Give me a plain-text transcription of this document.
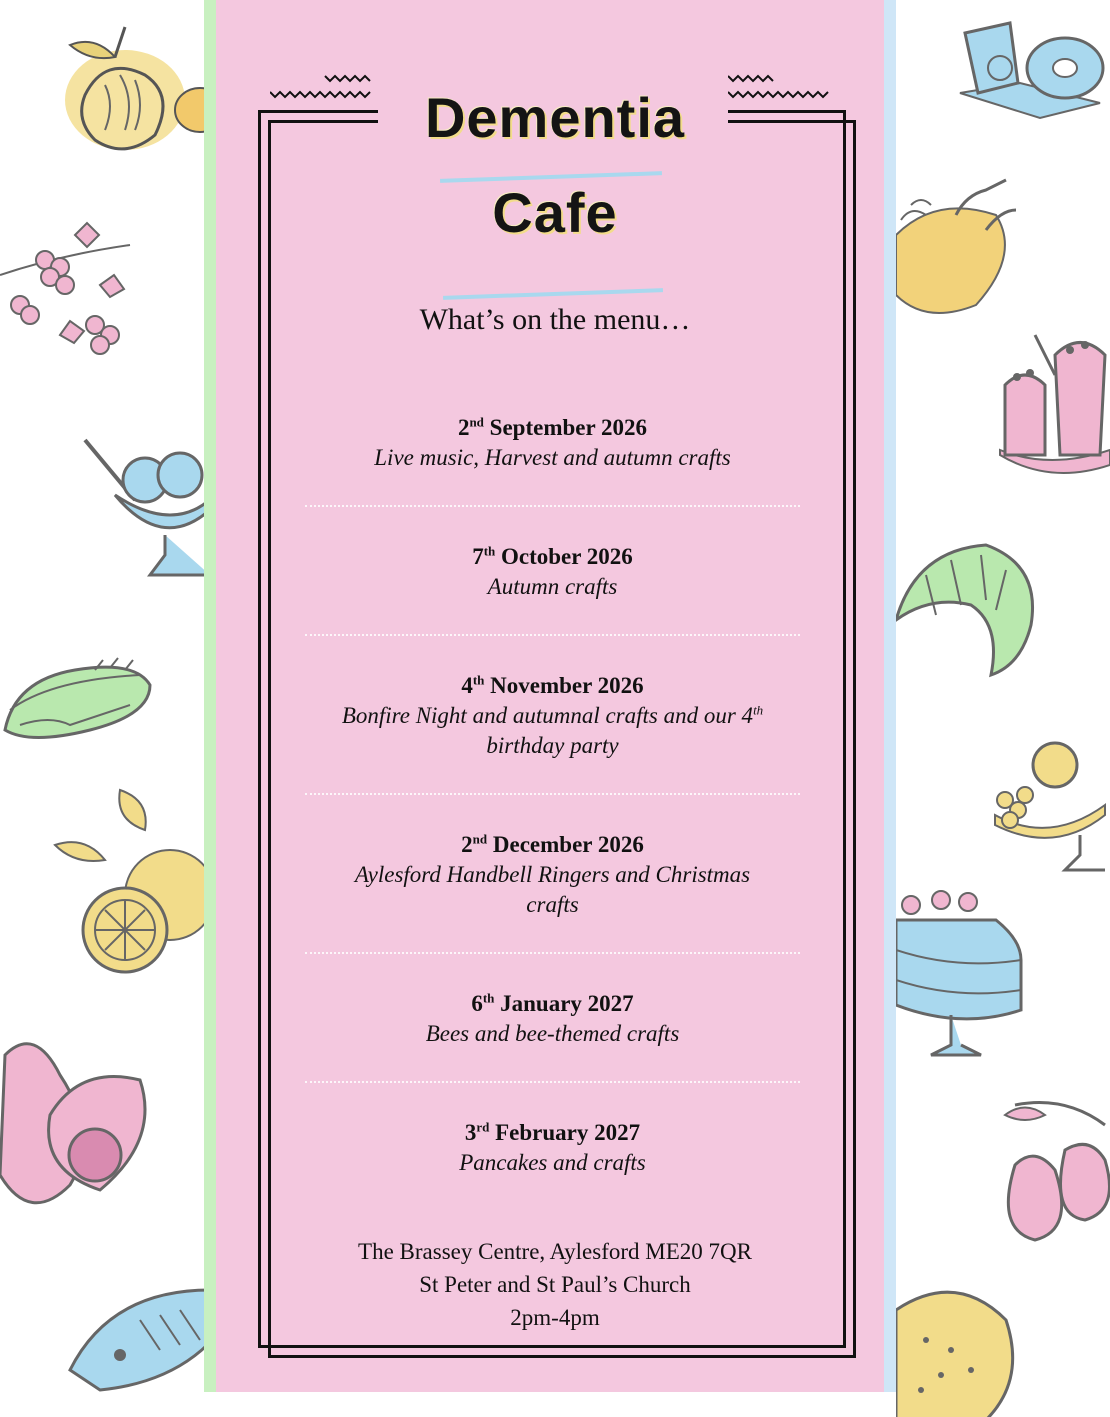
Dementia
Cafe
What’s on the menu…
2nd September 2026
Live music, Harvest and autumn crafts
7th October 2026
Autumn crafts
4th November 2026
Bonfire Night and autumnal crafts and our 4th
birthday party
2nd December 2026
Aylesford Handbell Ringers and Christmas
crafts
6th January 2027
Bees and bee-themed crafts
3rd February 2027
Pancakes and crafts
The Brassey Centre, Aylesford ME20 7QR
St Peter and St Paul’s Church
2pm-4pm
